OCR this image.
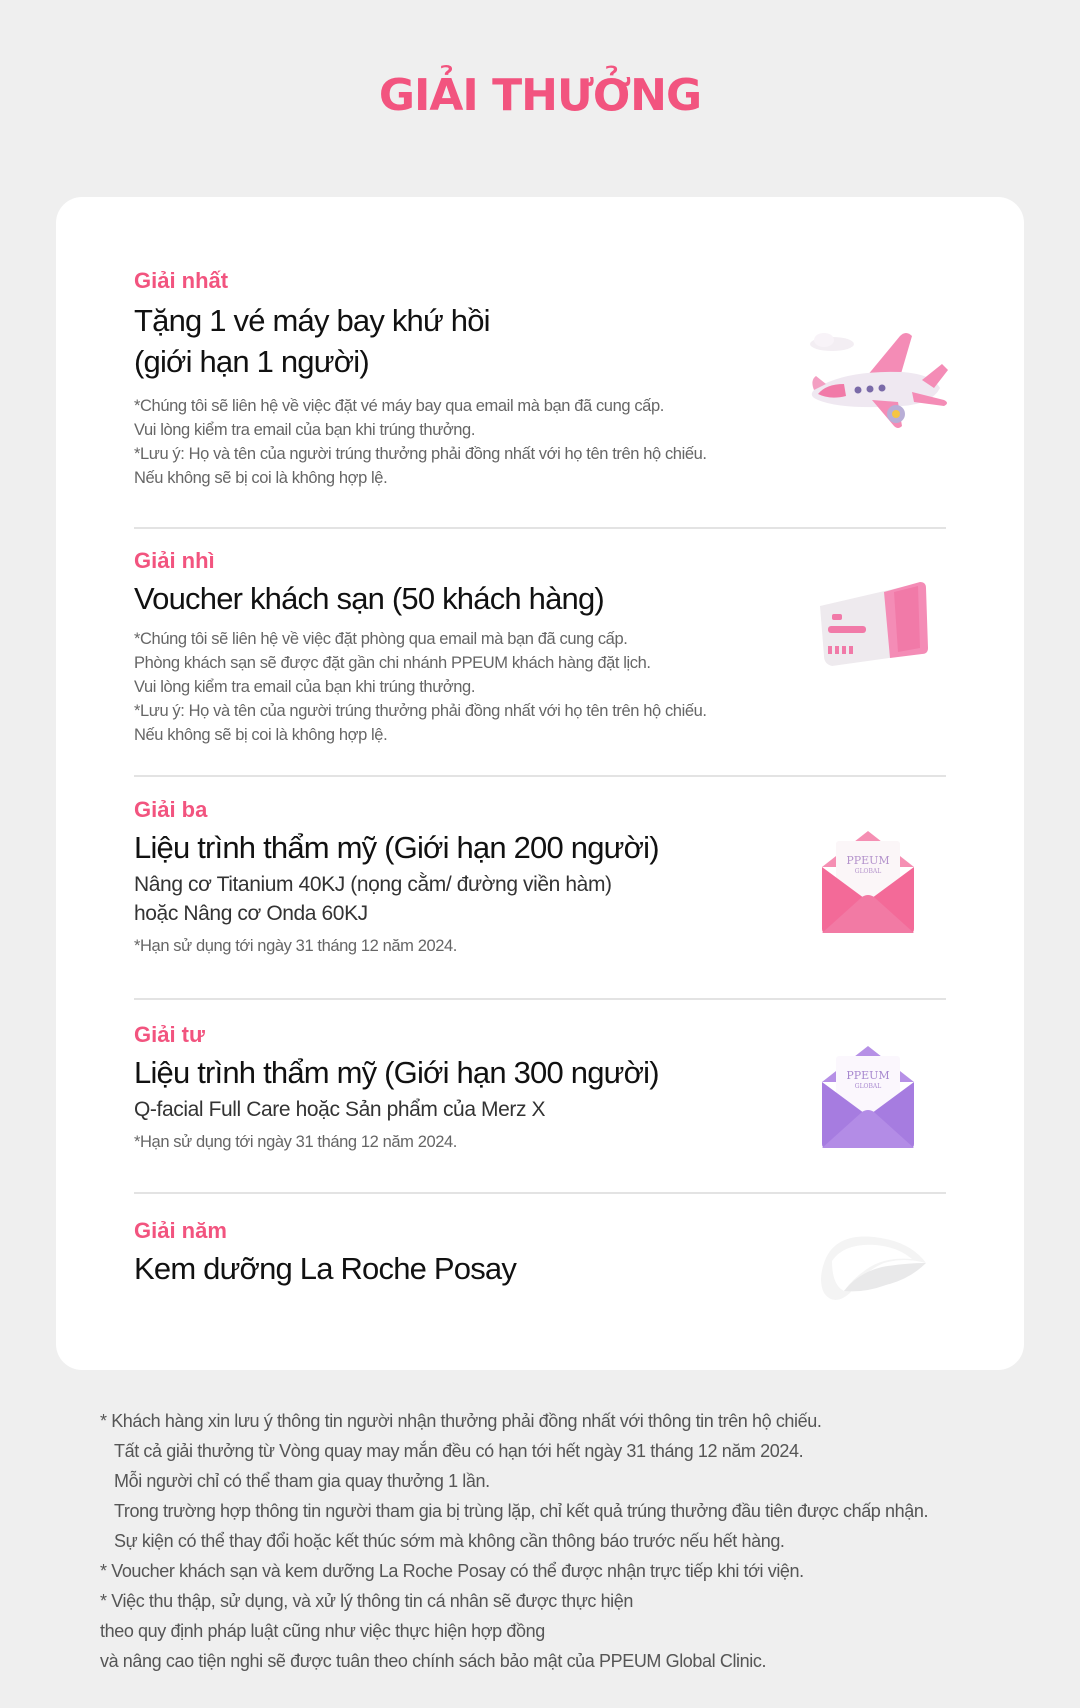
GIẢI THƯỞNG
Giải nhất
Tặng 1 vé máy bay khứ hồi
(giới hạn 1 người)
*Chúng tôi sẽ liên hệ về việc đặt vé máy bay qua email mà bạn đã cung cấp.
Vui lòng kiểm tra email của bạn khi trúng thưởng.
*Lưu ý: Họ và tên của người trúng thưởng phải đồng nhất với họ tên trên hộ chiếu.
Nếu không sẽ bị coi là không hợp lệ.
Giải nhì
Voucher khách sạn (50 khách hàng)
*Chúng tôi sẽ liên hệ về việc đặt phòng qua email mà bạn đã cung cấp.
Phòng khách sạn sẽ được đặt gần chi nhánh PPEUM khách hàng đặt lịch.
Vui lòng kiểm tra email của bạn khi trúng thưởng.
*Lưu ý: Họ và tên của người trúng thưởng phải đồng nhất với họ tên trên hộ chiếu.
Nếu không sẽ bị coi là không hợp lệ.
Giải ba
Liệu trình thẩm mỹ (Giới hạn 200 người)
Nâng cơ Titanium 40KJ (nọng cằm/ đường viền hàm)
hoặc Nâng cơ Onda 60KJ
*Hạn sử dụng tới ngày 31 tháng 12 năm 2024.
PPEUM
GLOBAL
Giải tư
Liệu trình thẩm mỹ (Giới hạn 300 người)
Q-facial Full Care hoặc Sản phẩm của Merz X
*Hạn sử dụng tới ngày 31 tháng 12 năm 2024.
PPEUM
GLOBAL
Giải năm
Kem dưỡng La Roche Posay
* Khách hàng xin lưu ý thông tin người nhận thưởng phải đồng nhất với thông tin trên hộ chiếu.
Tất cả giải thưởng từ Vòng quay may mắn đều có hạn tới hết ngày 31 tháng 12 năm 2024.
Mỗi người chỉ có thể tham gia quay thưởng 1 lần.
Trong trường hợp thông tin người tham gia bị trùng lặp, chỉ kết quả trúng thưởng đầu tiên được chấp nhận.
Sự kiện có thể thay đổi hoặc kết thúc sớm mà không cần thông báo trước nếu hết hàng.
* Voucher khách sạn và kem dưỡng La Roche Posay có thể được nhận trực tiếp khi tới viện.
* Việc thu thập, sử dụng, và xử lý thông tin cá nhân sẽ được thực hiện
theo quy định pháp luật cũng như việc thực hiện hợp đồng
và nâng cao tiện nghi sẽ được tuân theo chính sách bảo mật của PPEUM Global Clinic.
